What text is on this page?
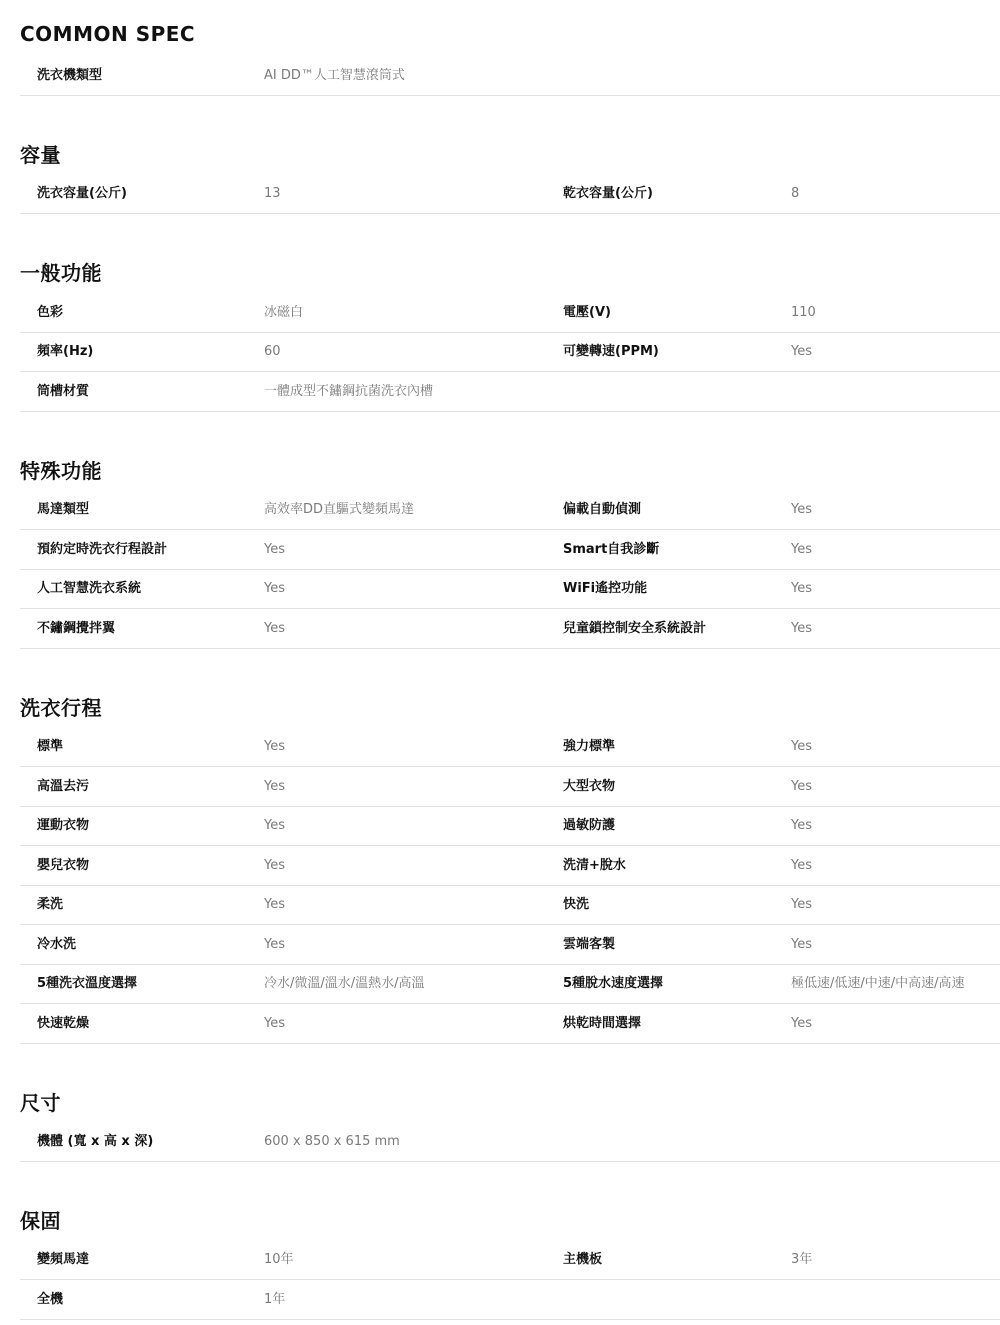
COMMON SPEC
洗衣機類型	AI DD™人工智慧滾筒式
容量
洗衣容量(公斤)	13	乾衣容量(公斤)	8
一般功能
色彩	冰磁白	電壓(V)	110
頻率(Hz)	60	可變轉速(PPM)	Yes
筒槽材質	一體成型不鏽鋼抗菌洗衣內槽
特殊功能
馬達類型	高效率DD直驅式變頻馬達	偏載自動偵測	Yes
預約定時洗衣行程設計	Yes	Smart自我診斷	Yes
人工智慧洗衣系統	Yes	WiFi遙控功能	Yes
不鏽鋼攪拌翼	Yes	兒童鎖控制安全系統設計	Yes
洗衣行程
標準	Yes	強力標準	Yes
高溫去污	Yes	大型衣物	Yes
運動衣物	Yes	過敏防護	Yes
嬰兒衣物	Yes	洗清+脫水	Yes
柔洗	Yes	快洗	Yes
冷水洗	Yes	雲端客製	Yes
5種洗衣溫度選擇	冷水/微溫/溫水/溫熱水/高溫	5種脫水速度選擇	極低速/低速/中速/中高速/高速
快速乾燥	Yes	烘乾時間選擇	Yes
尺寸
機體 (寬 x 高 x 深)	600 x 850 x 615 mm
保固
變頻馬達	10年	主機板	3年
全機	1年
